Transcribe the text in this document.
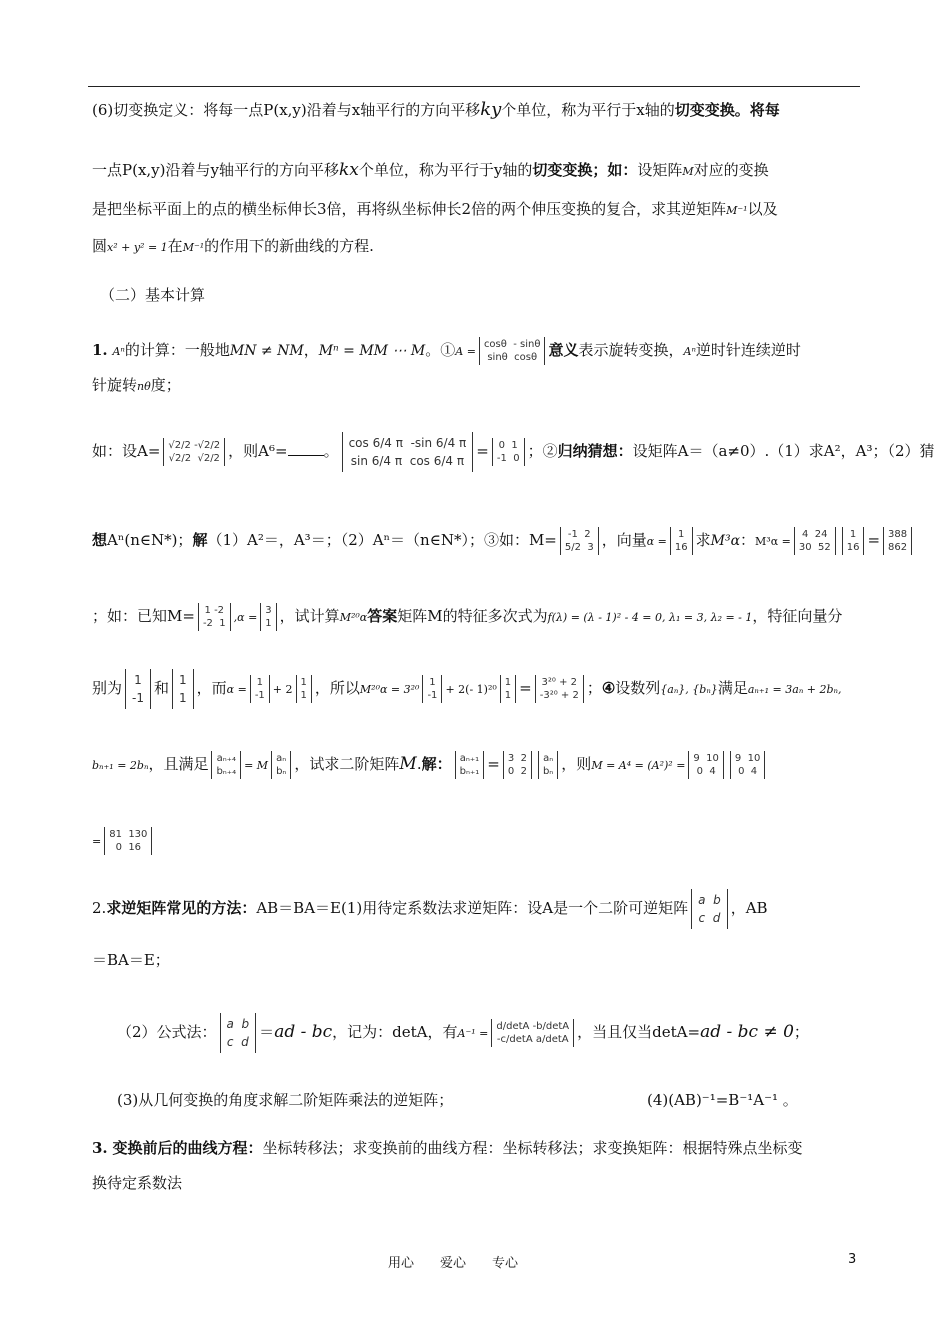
(6)切变换定义：将每一点P(x,y)沿着与x轴平行的方向平移ky个单位，称为平行于x轴的切变变换。将每
一点P(x,y)沿着与y轴平行的方向平移kx个单位，称为平行于y轴的切变变换；如：设矩阵M对应的变换
是把坐标平面上的点的横坐标伸长3倍，再将纵坐标伸长2倍的两个伸压变换的复合，求其逆矩阵M⁻¹以及
圆x² + y² = 1在M⁻¹的作用下的新曲线的方程.
（二）基本计算
1. Aⁿ的计算：一般地MN ≠ NM，Mⁿ = MM ⋯ M。①A =cosθ - sinθ
sinθ cosθ 意义表示旋转变换，Aⁿ逆时针连续逆时
针旋转nθ度；
如：设A= √2/2 -√2/2
√2/2 √2/2 ，则A⁶= 。 cos 6/4 π -sin 6/4 π
sin 6/4 π cos 6/4 π= 0 1
-1 0 ；②归纳猜想：设矩阵A＝（a≠0）.（1）求A²，A³；（2）猜
想Aⁿ(n∈N*)；解（1）A²＝，A³＝；（2）Aⁿ＝（n∈N*）；③如：M= -1 2
5/2 3 ，向量α =1
16 求M³α：M³α =4 24
30 521
16 = 388
862
；如：已知M= 1 -2
-2 1 ,α =3
1 ，试计算M²⁰α答案矩阵M的特征多次式为f(λ) = (λ - 1)² - 4 = 0, λ₁ = 3, λ₂ = - 1，特征向量分
别为 1
-1和 1
1，而α =1
-1 + 21
1 ，所以M²⁰α = 3²⁰1
-1 + 2(- 1)²⁰1
1 = 3²⁰ + 2
-3²⁰ + 2 ；④设数列{aₙ}, {bₙ}满足aₙ₊₁ = 3aₙ + 2bₙ,
bₙ₊₁ = 2bₙ，且满足 aₙ₊₄
bₙ₊₄ = Maₙ
bₙ ，试求二阶矩阵M.解： aₙ₊₁
bₙ₊₁ = 3 2
0 2aₙ
bₙ ，则M = A⁴ = (A²)² =9 10
0 49 10
0 4
=81 130
0 16
2.求逆矩阵常见的方法：AB＝BA＝E(1)用待定系数法求逆矩阵：设A是一个二阶可逆矩阵 a b
c d，AB
＝BA＝E；
（2）公式法： a b
c d＝ad - bc，记为：detA，有A⁻¹ =d/detA -b/detA
-c/detA a/detA ，当且仅当detA=ad - bc ≠ 0；
(3)从几何变换的角度求解二阶矩阵乘法的逆矩阵；	(4)(AB)⁻¹=B⁻¹A⁻¹ 。
3. 变换前后的曲线方程：坐标转移法；求变换前的曲线方程：坐标转移法；求变换矩阵：根据特殊点坐标变
换待定系数法
用心　　爱心　　专心	3
